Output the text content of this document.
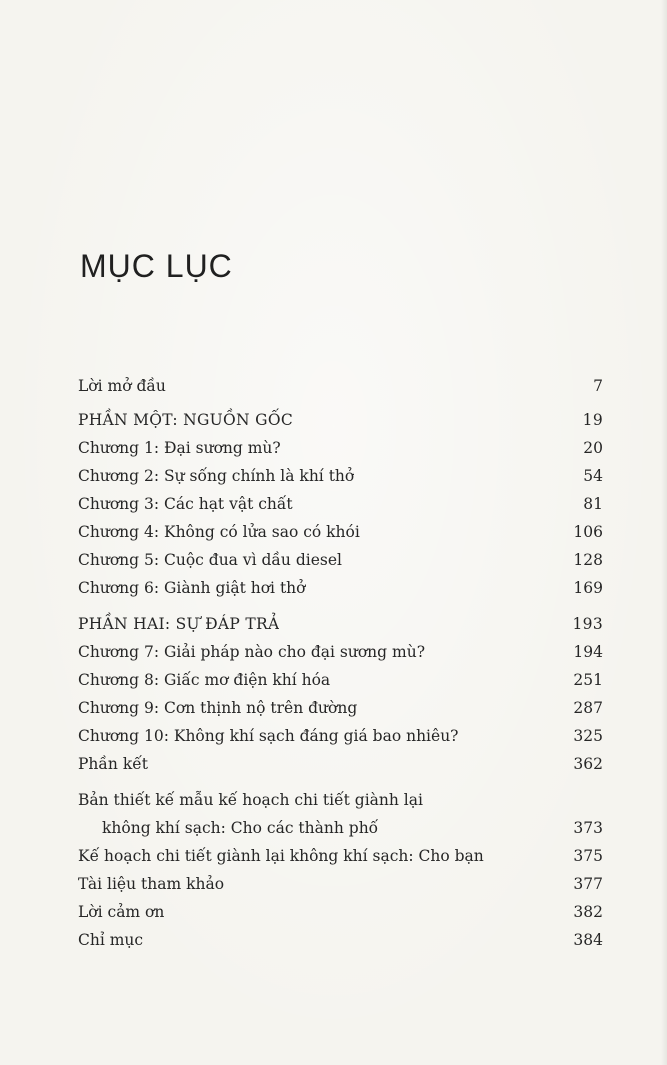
MỤC LỤC
Lời mở đầu	7
PHẦN MỘT: NGUỒN GỐC	19
Chương 1: Đại sương mù?	20
Chương 2: Sự sống chính là khí thở	54
Chương 3: Các hạt vật chất	81
Chương 4: Không có lửa sao có khói	106
Chương 5: Cuộc đua vì dầu diesel	128
Chương 6: Giành giật hơi thở	169
PHẦN HAI: SỰ ĐÁP TRẢ	193
Chương 7: Giải pháp nào cho đại sương mù?	194
Chương 8: Giấc mơ điện khí hóa	251
Chương 9: Cơn thịnh nộ trên đường	287
Chương 10: Không khí sạch đáng giá bao nhiêu?	325
Phần kết	362
Bản thiết kế mẫu kế hoạch chi tiết giành lại
không khí sạch: Cho các thành phố	373
Kế hoạch chi tiết giành lại không khí sạch: Cho bạn	375
Tài liệu tham khảo	377
Lời cảm ơn	382
Chỉ mục	384
